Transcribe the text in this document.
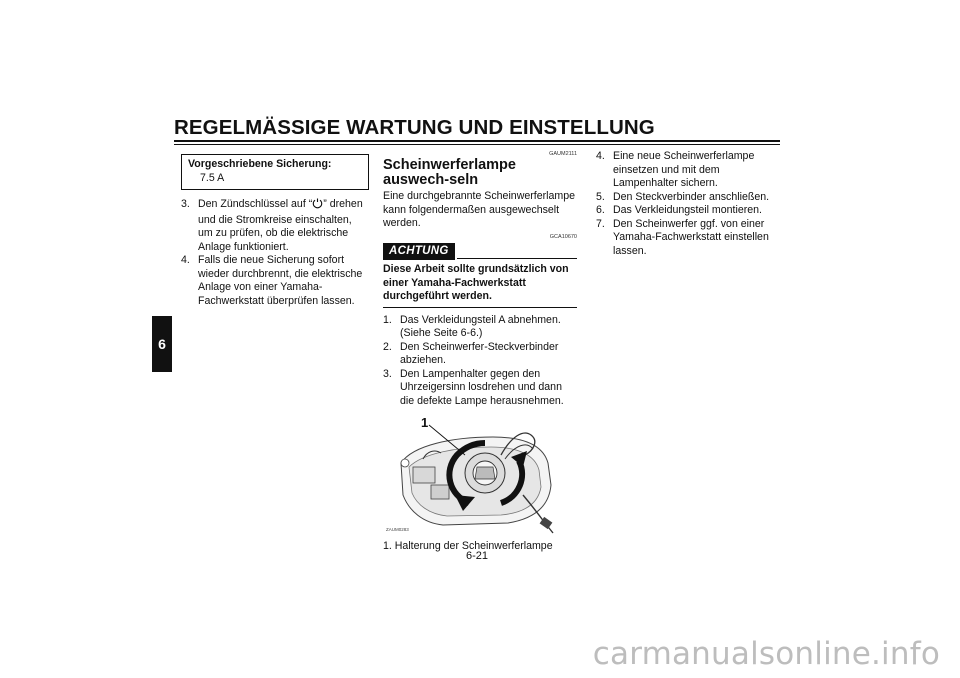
REGELMÄSSIGE WARTUNG UND EINSTELLUNG
6
Vorgeschriebene Sicherung:
7.5 A
3. Den Zündschlüssel auf “ ” drehen und die Stromkreise einschalten, um zu prüfen, ob die elektrische Anlage funktioniert.
4. Falls die neue Sicherung sofort wieder durchbrennt, die elektrische Anlage von einer Yamaha-Fachwerkstatt überprüfen lassen.
GAUM2111
Scheinwerferlampe auswech-seln
Eine durchgebrannte Scheinwerferlampe kann folgendermaßen ausgewechselt werden.
GCA10670
ACHTUNG
Diese Arbeit sollte grundsätzlich von einer Yamaha-Fachwerkstatt durchgeführt werden.
1. Das Verkleidungsteil A abnehmen. (Siehe Seite 6-6.)
2. Den Scheinwerfer-Steckverbinder abziehen.
3. Den Lampenhalter gegen den Uhrzeigersinn losdrehen und dann die defekte Lampe herausnehmen.
1
ZAUM0283
1. Halterung der Scheinwerferlampe
4. Eine neue Scheinwerferlampe einsetzen und mit dem Lampenhalter sichern.
5. Den Steckverbinder anschließen.
6. Das Verkleidungsteil montieren.
7. Den Scheinwerfer ggf. von einer Yamaha-Fachwerkstatt einstellen lassen.
6-21
carmanualsonline.info
